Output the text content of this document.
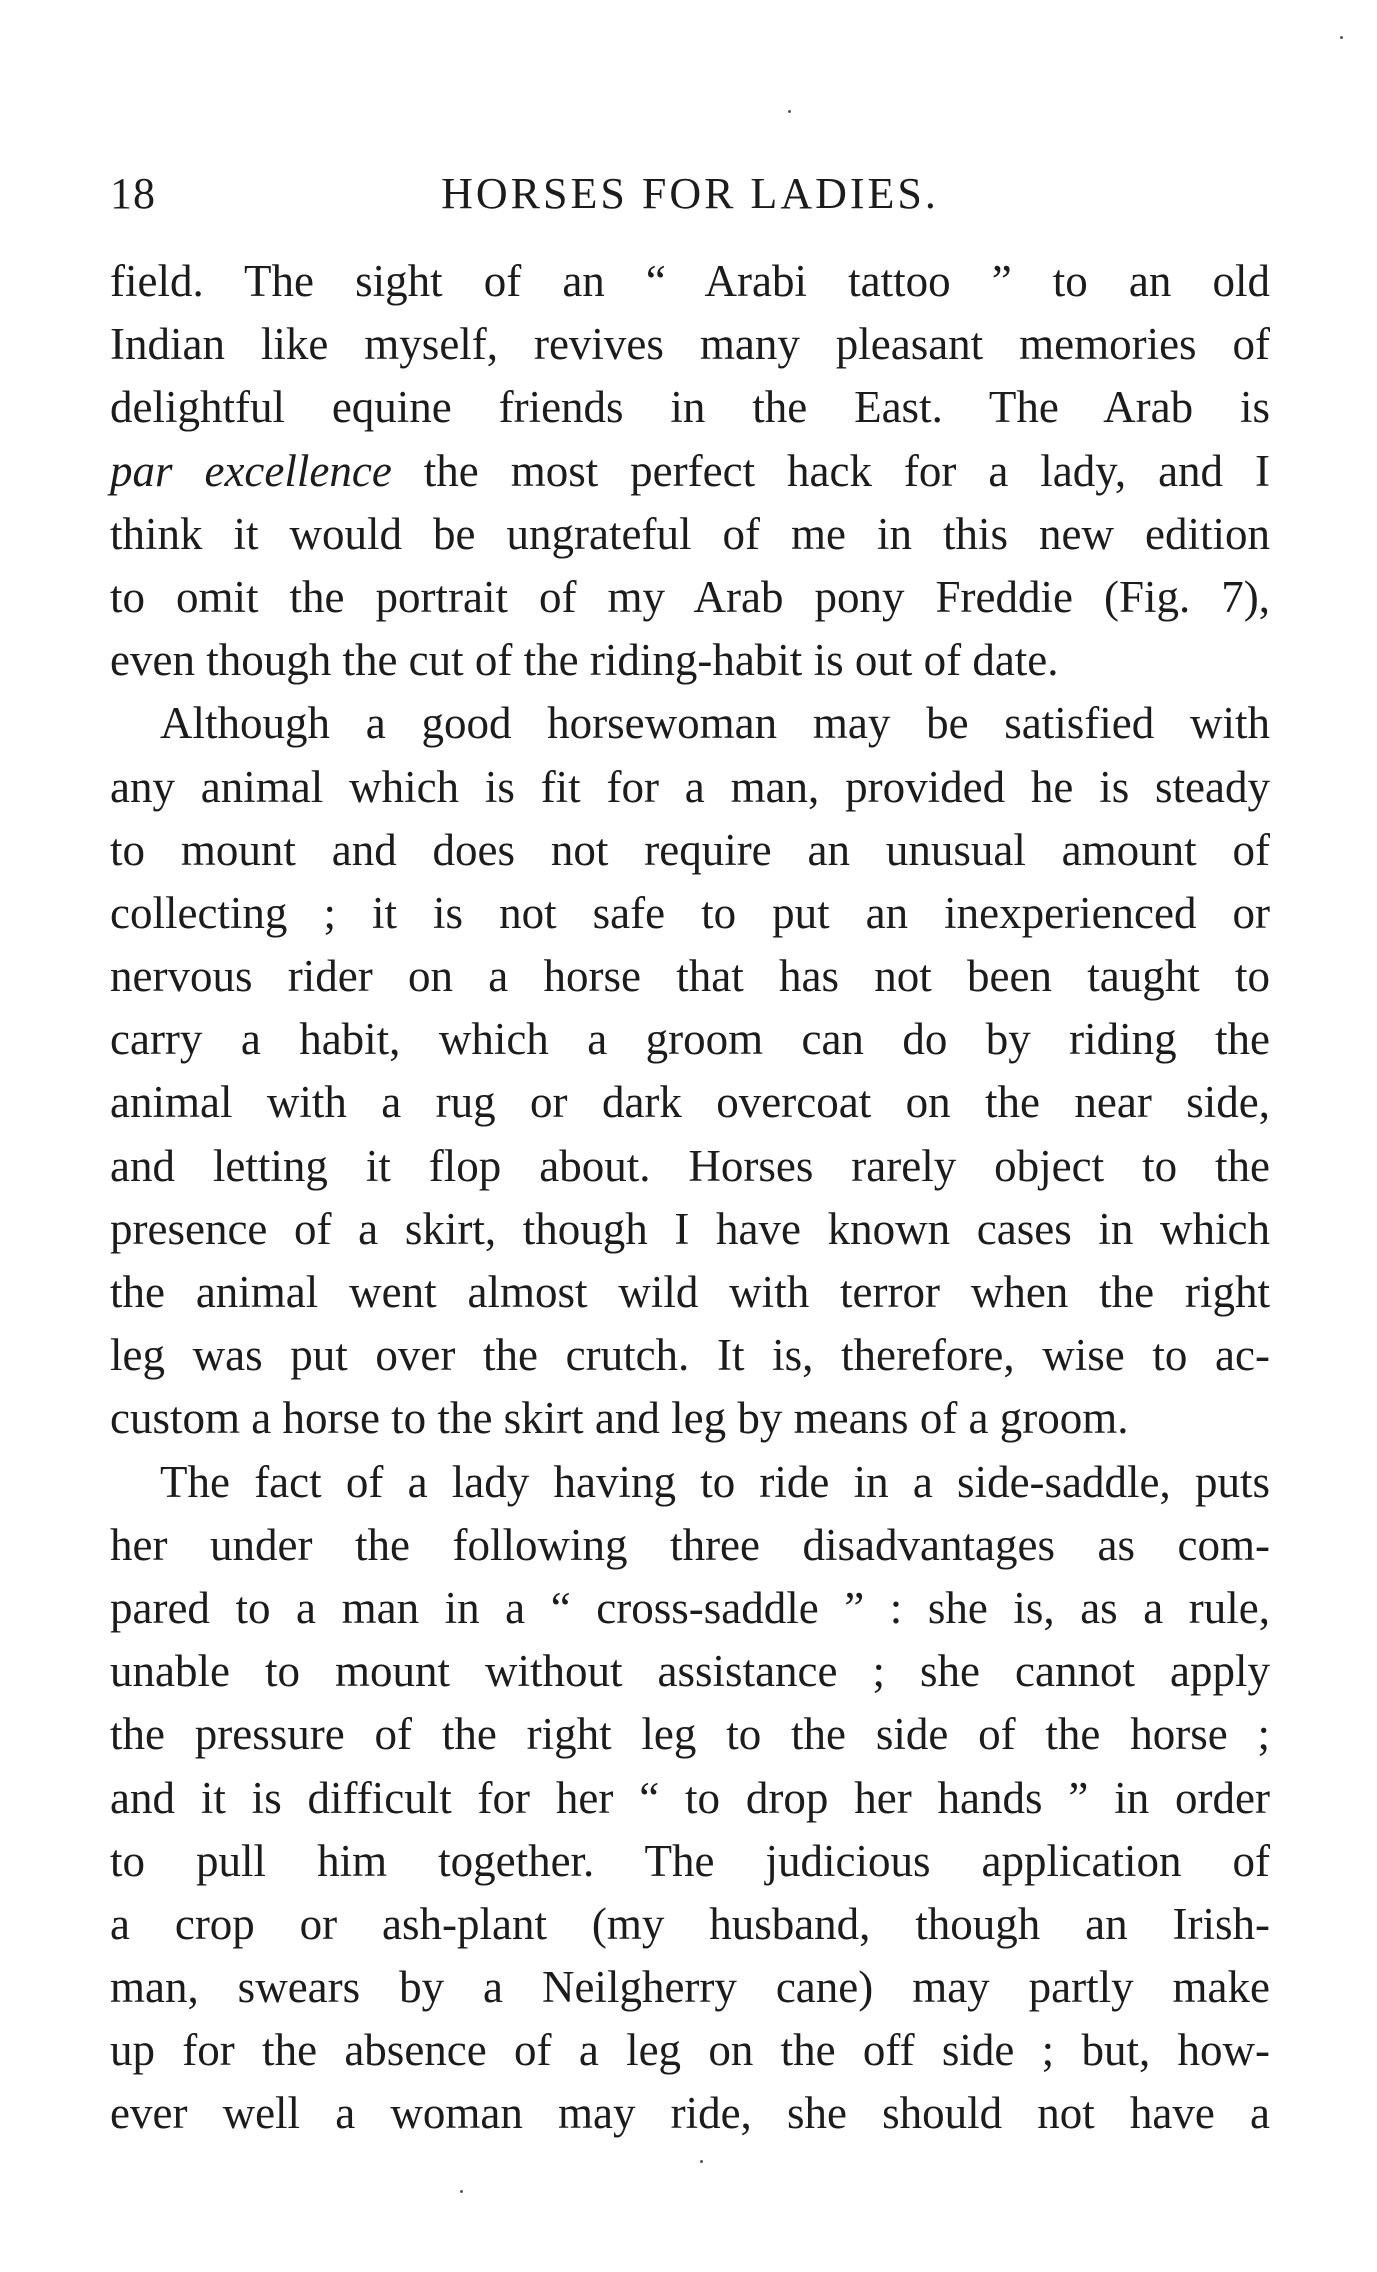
18	HORSES FOR LADIES.
field. The sight of an “ Arabi tattoo ” to an old
Indian like myself, revives many pleasant memories of
delightful equine friends in the East. The Arab is
par excellence the most perfect hack for a lady, and I
think it would be ungrateful of me in this new edition
to omit the portrait of my Arab pony Freddie (Fig. 7),
even though the cut of the riding-habit is out of date.
Although a good horsewoman may be satisfied with
any animal which is fit for a man, provided he is steady
to mount and does not require an unusual amount of
collecting ; it is not safe to put an inexperienced or
nervous rider on a horse that has not been taught to
carry a habit, which a groom can do by riding the
animal with a rug or dark overcoat on the near side,
and letting it flop about. Horses rarely object to the
presence of a skirt, though I have known cases in which
the animal went almost wild with terror when the right
leg was put over the crutch. It is, therefore, wise to ac-
custom a horse to the skirt and leg by means of a groom.
The fact of a lady having to ride in a side-saddle, puts
her under the following three disadvantages as com-
pared to a man in a “ cross-saddle ” : she is, as a rule,
unable to mount without assistance ; she cannot apply
the pressure of the right leg to the side of the horse ;
and it is difficult for her “ to drop her hands ” in order
to pull him together. The judicious application of
a crop or ash-plant (my husband, though an Irish-
man, swears by a Neilgherry cane) may partly make
up for the absence of a leg on the off side ; but, how-
ever well a woman may ride, she should not have a
